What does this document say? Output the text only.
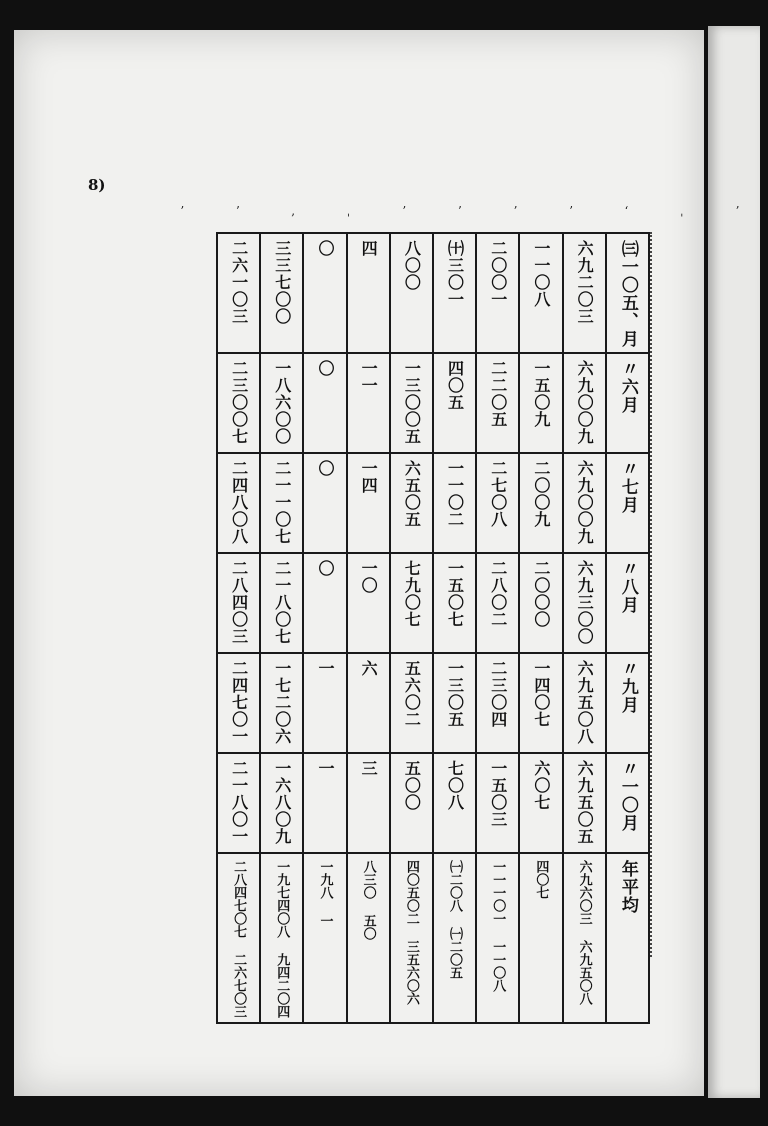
8)
ʼ ʼ , ˌ ʼ ʼ ʼ ʼ ʻ ˌ ʼ
二六一〇三	三三七〇〇	〇	四	八〇〇	㈩三〇一	二〇〇一	一一〇八	六九二〇三	㈢一〇五、月
二三〇〇七	一八六〇〇	〇	一一	一三〇〇五	四〇五	二二〇五	一五〇九	六九〇〇九	〃六月
二四八〇八	二一一〇七	〇	一四	六五〇五	一一〇二	二七〇八	二〇〇九	六九〇〇九	〃七月
二八四〇三	二一八〇七	〇	一〇	七九〇七	一五〇七	二八〇二	二〇〇〇	六九三〇〇	〃八月
二四七〇一	一七二〇六	一	六	五六〇二	一三〇五	二三〇四	一四〇七	六九五〇八	〃九月
二一八〇一	一六八〇九	一	三	五〇〇	七〇八	一五〇三	六〇七	六九五〇五	〃一〇月
二八四七〇七 二六七〇三	一九七四〇八 九四二〇四	一九八 一	八三〇 五〇	四〇五〇二 三五六〇六	㈠二〇八 ㈠二〇五	一一一〇一 一一〇八	四〇七	六九六〇三 六九五〇八	年平均
